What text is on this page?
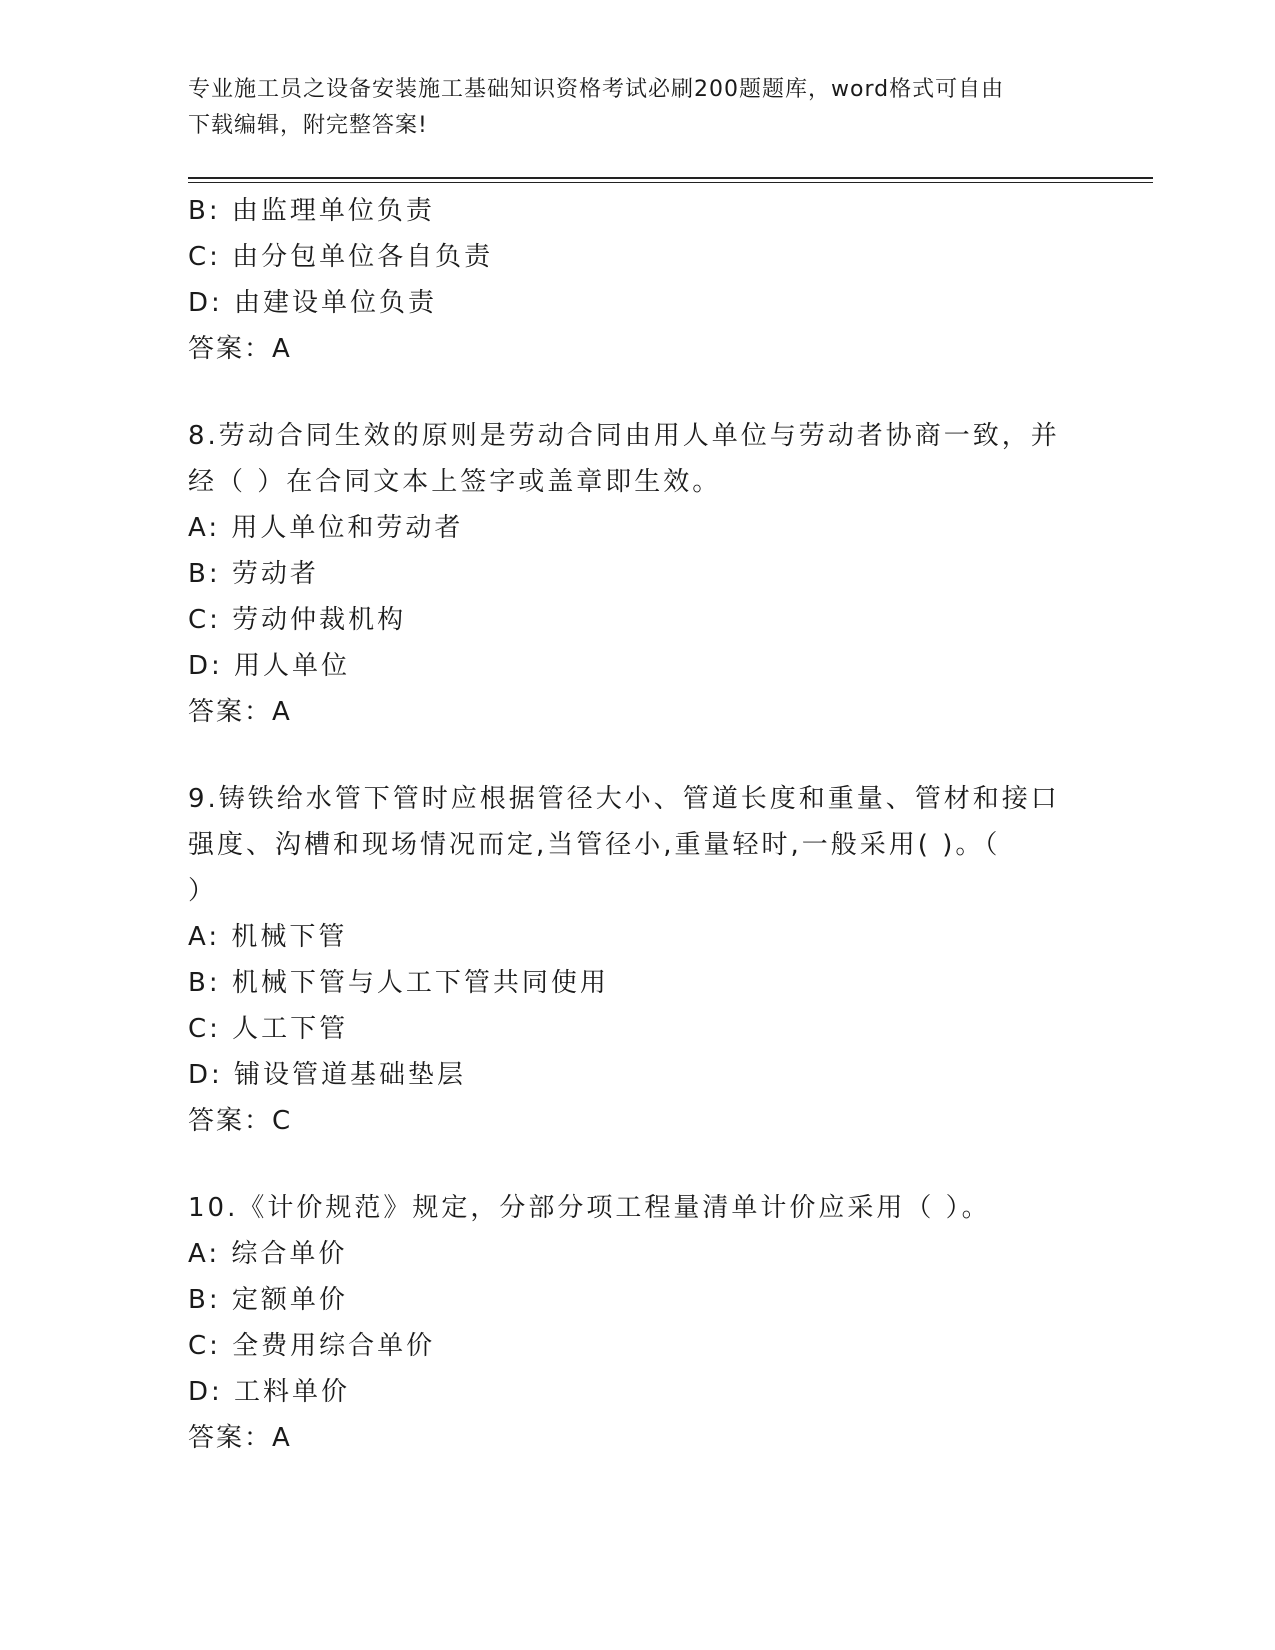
专业施工员之设备安装施工基础知识资格考试必刷200题题库，word格式可自由
下载编辑，附完整答案!
B: 由监理单位负责
C: 由分包单位各自负责
D: 由建设单位负责
答案：A
8.劳动合同生效的原则是劳动合同由用人单位与劳动者协商一致，并
经（ ）在合同文本上签字或盖章即生效。
A: 用人单位和劳动者
B: 劳动者
C: 劳动仲裁机构
D: 用人单位
答案：A
9.铸铁给水管下管时应根据管径大小、管道长度和重量、管材和接口
强度、沟槽和现场情况而定,当管径小,重量轻时,一般采用( )。（
）
A: 机械下管
B: 机械下管与人工下管共同使用
C: 人工下管
D: 铺设管道基础垫层
答案：C
10.《计价规范》规定，分部分项工程量清单计价应采用（ ）。
A: 综合单价
B: 定额单价
C: 全费用综合单价
D: 工料单价
答案：A
